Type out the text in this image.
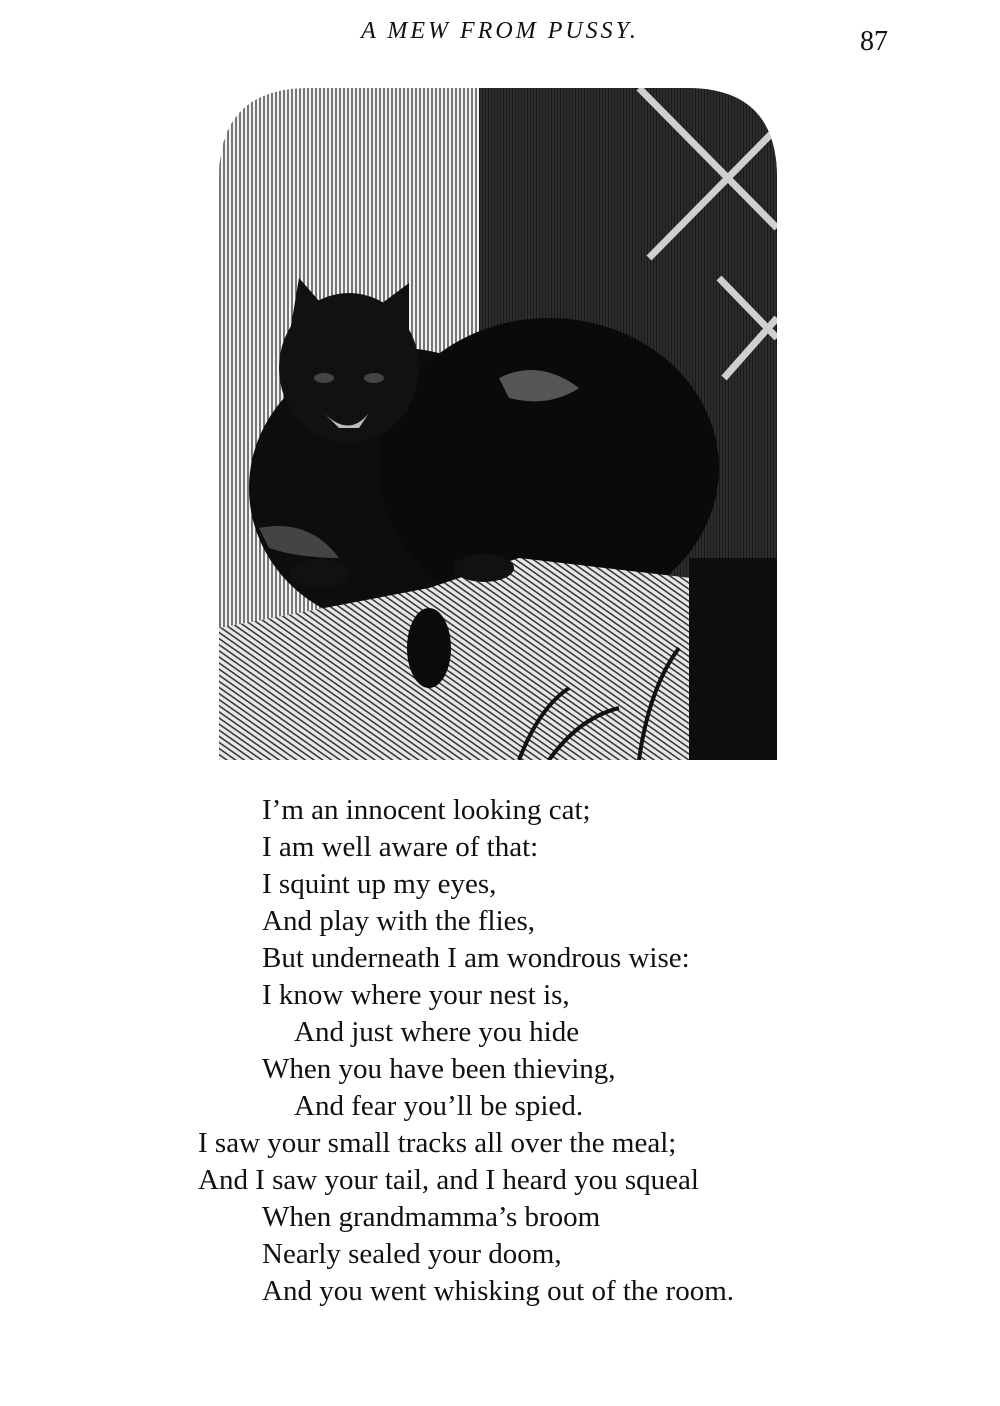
A MEW FROM PUSSY.	87
I’m an innocent looking cat;
I am well aware of that:
I squint up my eyes,
And play with the flies,
But underneath I am wondrous wise:
I know where your nest is,
And just where you hide
When you have been thieving,
And fear you’ll be spied.
I saw your small tracks all over the meal;
And I saw your tail, and I heard you squeal
When grandmamma’s broom
Nearly sealed your doom,
And you went whisking out of the room.
